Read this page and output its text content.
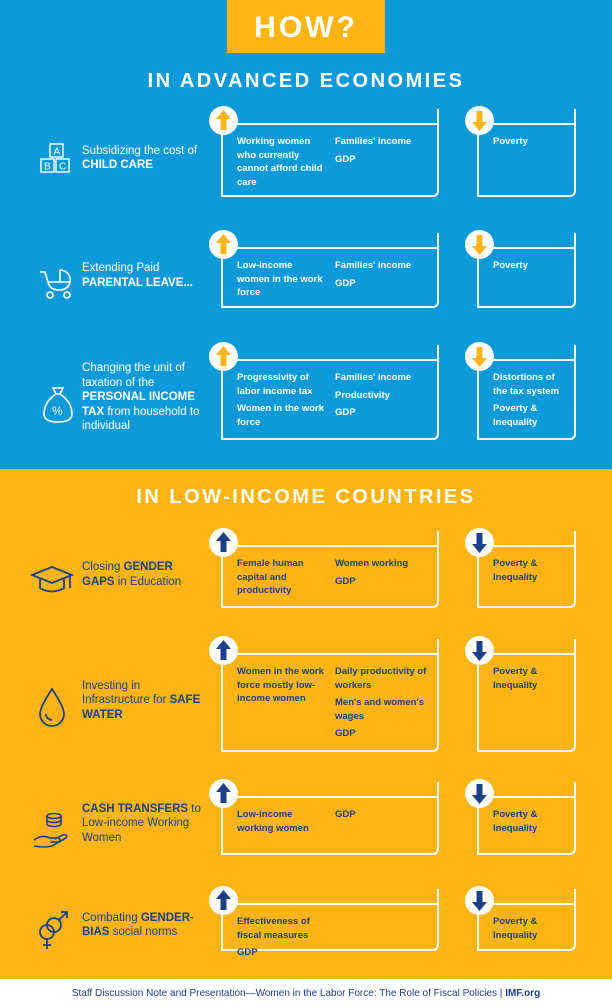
HOW?
IN ADVANCED ECONOMIES
A
B C
Subsidizing the cost of CHILD CARE
Working women who currently cannot afford child care
Families' income
GDP
Poverty
Extending Paid PARENTAL LEAVE...
Low-income women in the work force
Families' income
GDP
Poverty
%
Changing the unit of taxation of the PERSONAL INCOME TAX from household to individual
Progressivity of labor income tax
Women in the work force
Families' income
Productivity
GDP
Distortions of the tax system
Poverty & Inequality
IN LOW-INCOME COUNTRIES
Closing GENDER GAPS in Education
Female human capital and productivity
Women working
GDP
Poverty & Inequality
Investing in Infrastructure for SAFE WATER
Women in the work force mostly low-income women
Daily productivity of workers
Men's and women's wages
GDP
Poverty & Inequality
CASH TRANSFERS to Low-income Working Women
Low-income working women
GDP	Poverty & Inequality
Combating GENDER-BIAS social norms
Effectiveness of fiscal measures
GDP
Poverty & Inequality
Staff Discussion Note and Presentation—Women in the Labor Force: The Role of Fiscal Policies | IMF.org
